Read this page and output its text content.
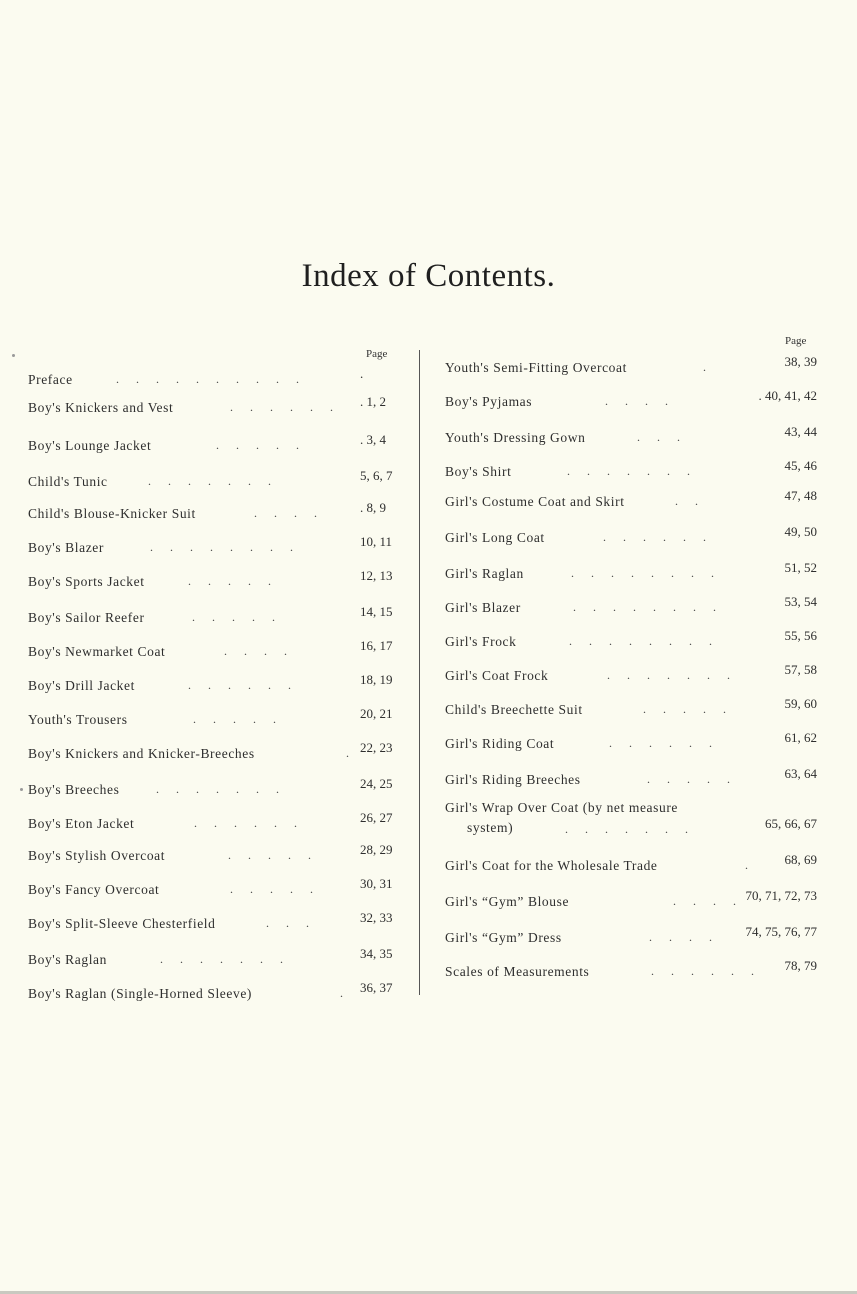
Index of Contents.
Page
Preface	. . . . . . . . . .	.
Boy's Knickers and Vest	. . . . . . . 1, 2
Boy's Lounge Jacket	. . . . .	. 3, 4
Child's Tunic	. . . . . . .	5, 6, 7
Child's Blouse-Knicker Suit	. . . .	. 8, 9
Boy's Blazer	. . . . . . . .	10, 11
Boy's Sports Jacket	. . . . .	12, 13
Boy's Sailor Reefer	. . . . .	14, 15
Boy's Newmarket Coat	. . . .	16, 17
Boy's Drill Jacket	. . . . . .	18, 19
Youth's Trousers	. . . . .	20, 21
Boy's Knickers and Knicker-Breeches	. 22, 23
Boy's Breeches	. . . . . . .	24, 25
Boy's Eton Jacket	. . . . . .	26, 27
Boy's Stylish Overcoat	. . . . .	28, 29
Boy's Fancy Overcoat	. . . . .	30, 31
Boy's Split-Sleeve Chesterfield	. . .	32, 33
Boy's Raglan	. . . . . . .	34, 35
Boy's Raglan (Single-Horned Sleeve)	. 36, 37
Page
Youth's Semi-Fitting Overcoat	.	38, 39
Boy's Pyjamas	. . . .	. 40, 41, 42
Youth's Dressing Gown	. . .	43, 44
Boy's Shirt	. . . . . . .	45, 46
Girl's Costume Coat and Skirt	. .	47, 48
Girl's Long Coat	. . . . . .	49, 50
Girl's Raglan	. . . . . . . .	51, 52
Girl's Blazer	. . . . . . . .	53, 54
Girl's Frock	. . . . . . . .	55, 56
Girl's Coat Frock	. . . . . . .	57, 58
Child's Breechette Suit	. . . . .	59, 60
Girl's Riding Coat	. . . . . .	61, 62
Girl's Riding Breeches	. . . . .	63, 64
Girl's Wrap Over Coat (by net measure
. . . . . . .
system)	65, 66, 67
Girl's Coat for the Wholesale Trade	. 68, 69
Girl's “Gym” Blouse	. . . . 70, 71, 72, 73
Girl's “Gym” Dress	. . . . 74, 75, 76, 77
Scales of Measurements	. . . . . . 78, 79
